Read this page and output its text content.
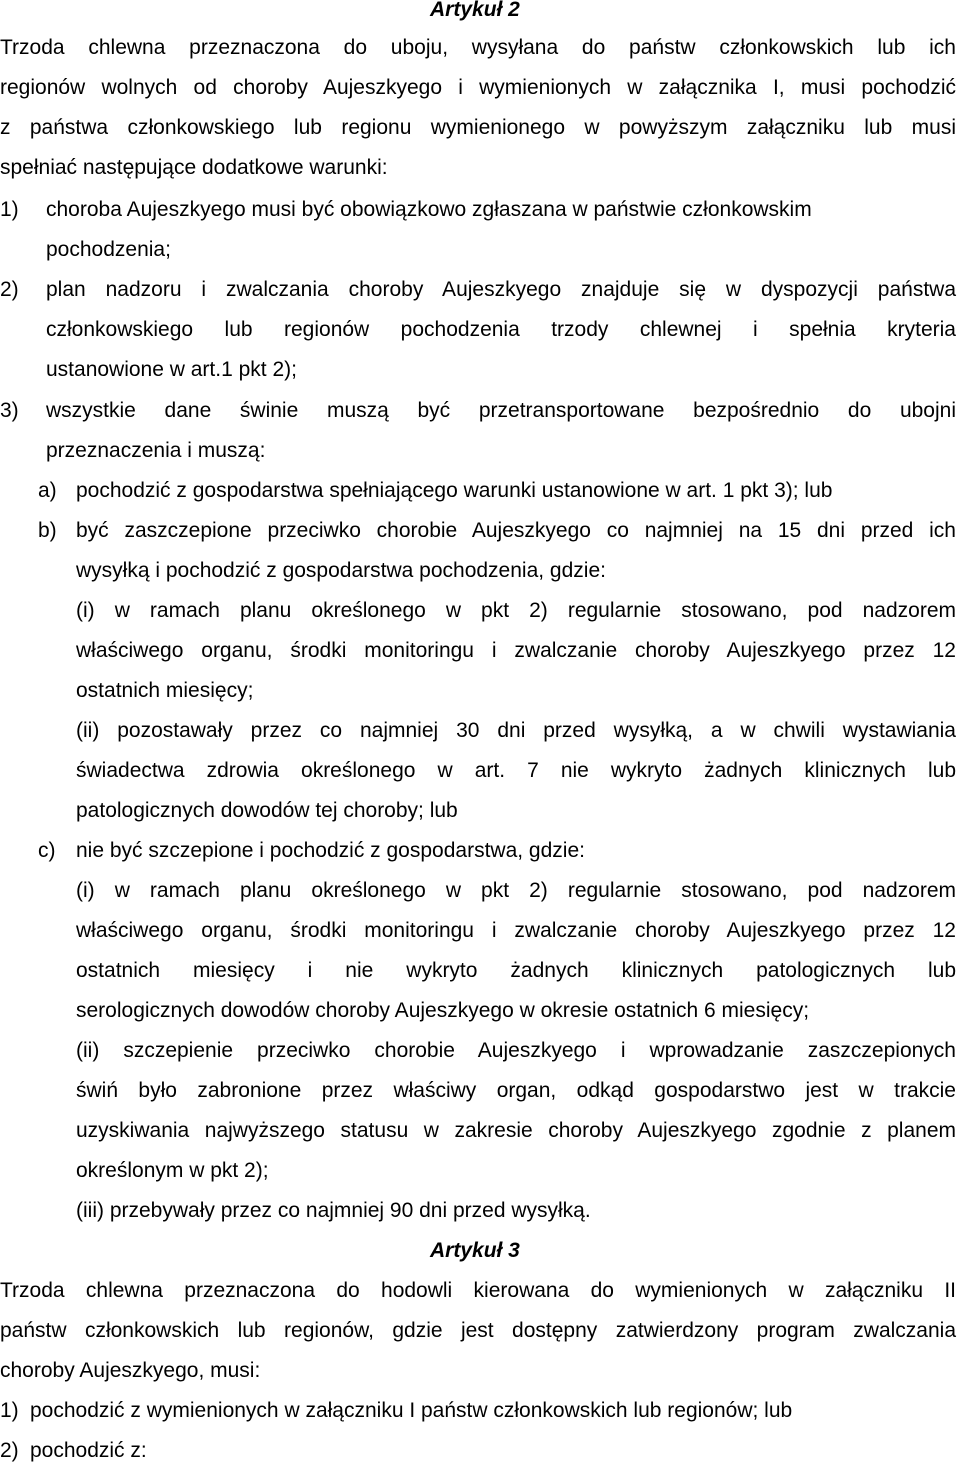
Artykuł 2
Trzoda chlewna przeznaczona do uboju, wysyłana do państw członkowskich lub ich
regionów wolnych od choroby Aujeszkyego i wymienionych w załącznika I, musi pochodzić
z państwa członkowskiego lub regionu wymienionego w powyższym załączniku lub musi
spełniać następujące dodatkowe warunki:
1) choroba Aujeszkyego musi być obowiązkowo zgłaszana w państwie członkowskim
pochodzenia;
2) plan nadzoru i zwalczania choroby Aujeszkyego znajduje się w dyspozycji państwa
członkowskiego lub regionów pochodzenia trzody chlewnej i spełnia kryteria
ustanowione w art.1 pkt 2);
3) wszystkie dane świnie muszą być przetransportowane bezpośrednio do ubojni
przeznaczenia i muszą:
a) pochodzić z gospodarstwa spełniającego warunki ustanowione w art. 1 pkt 3); lub
b) być zaszczepione przeciwko chorobie Aujeszkyego co najmniej na 15 dni przed ich
wysyłką i pochodzić z gospodarstwa pochodzenia, gdzie:
(i) w ramach planu określonego w pkt 2) regularnie stosowano, pod nadzorem
właściwego organu, środki monitoringu i zwalczanie choroby Aujeszkyego przez 12
ostatnich miesięcy;
(ii) pozostawały przez co najmniej 30 dni przed wysyłką, a w chwili wystawiania
świadectwa zdrowia określonego w art. 7 nie wykryto żadnych klinicznych lub
patologicznych dowodów tej choroby; lub
c) nie być szczepione i pochodzić z gospodarstwa, gdzie:
(i) w ramach planu określonego w pkt 2) regularnie stosowano, pod nadzorem
właściwego organu, środki monitoringu i zwalczanie choroby Aujeszkyego przez 12
ostatnich miesięcy i nie wykryto żadnych klinicznych patologicznych lub
serologicznych dowodów choroby Aujeszkyego w okresie ostatnich 6 miesięcy;
(ii) szczepienie przeciwko chorobie Aujeszkyego i wprowadzanie zaszczepionych
świń było zabronione przez właściwy organ, odkąd gospodarstwo jest w trakcie
uzyskiwania najwyższego statusu w zakresie choroby Aujeszkyego zgodnie z planem
określonym w pkt 2);
(iii) przebywały przez co najmniej 90 dni przed wysyłką.
Artykuł 3
Trzoda chlewna przeznaczona do hodowli kierowana do wymienionych w załączniku II
państw członkowskich lub regionów, gdzie jest dostępny zatwierdzony program zwalczania
choroby Aujeszkyego, musi:
1) pochodzić z wymienionych w załączniku I państw członkowskich lub regionów; lub
2) pochodzić z:
